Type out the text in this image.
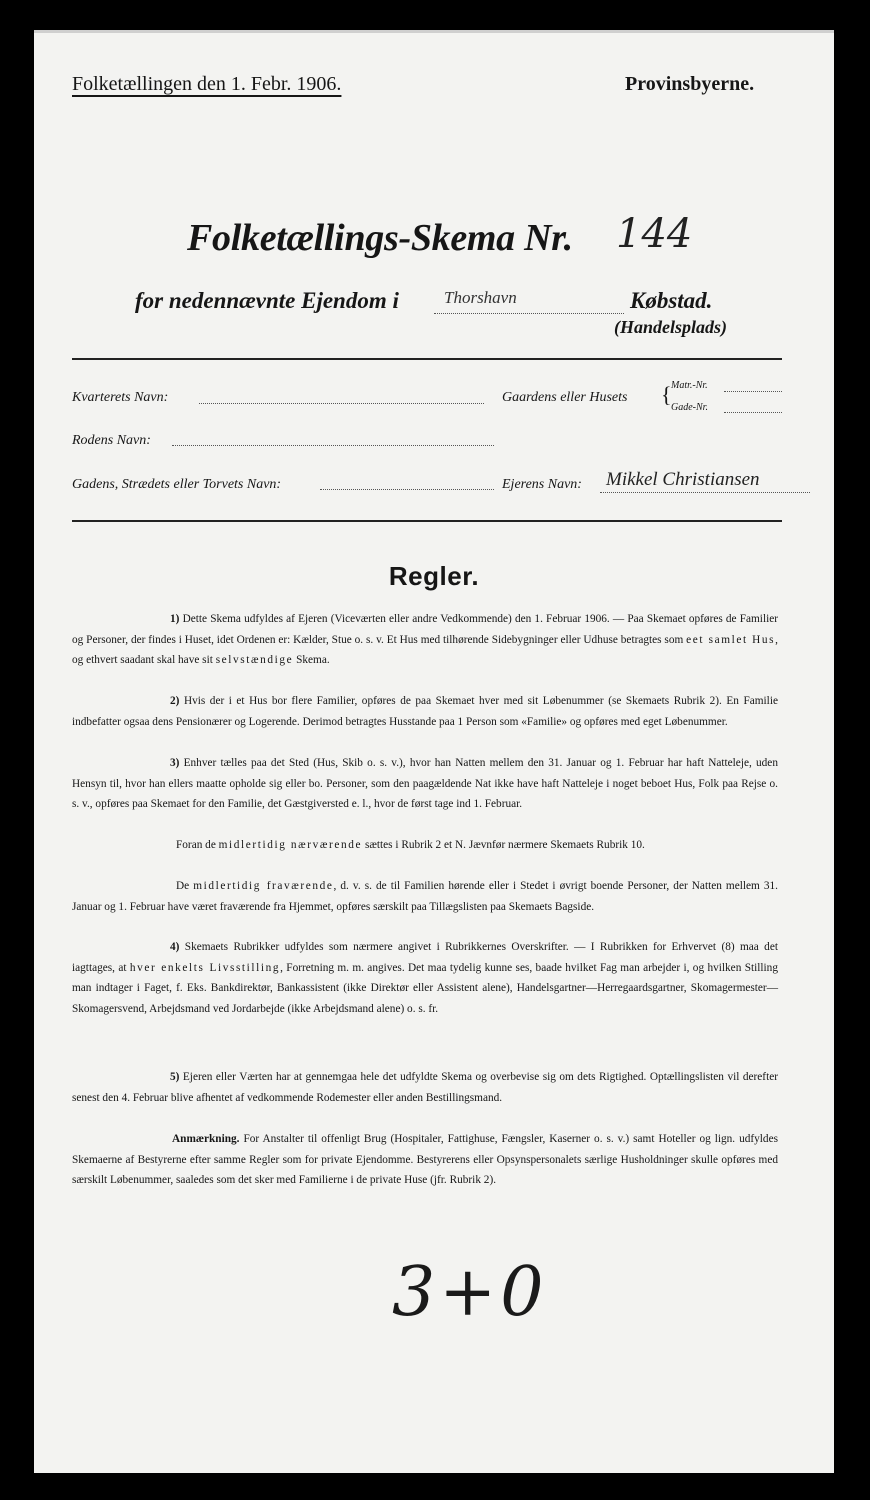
Folketællingen den 1. Febr. 1906.	Provinsbyerne.
Folketællings-Skema Nr. 144
for nedennævnte Ejendom i	Thorshavn	Købstad.
(Handelsplads)
Kvarterets Navn:	Gaardens eller Husets { Matr.-Nr.
Gade-Nr.
Rodens Navn:
Gadens, Strædets eller Torvets Navn:	Ejerens Navn: Mikkel Christiansen
Regler.
1) Dette Skema udfyldes af Ejeren (Viceværten eller andre Vedkommende) den 1. Februar 1906. — Paa Skemaet opføres de Familier og Personer, der findes i Huset, idet Ordenen er: Kælder, Stue o. s. v. Et Hus med tilhørende Sidebygninger eller Udhuse betragtes som eet samlet Hus, og ethvert saadant skal have sit selvstændige Skema.
2) Hvis der i et Hus bor flere Familier, opføres de paa Skemaet hver med sit Løbenummer (se Skemaets Rubrik 2). En Familie indbefatter ogsaa dens Pensionærer og Logerende. Derimod betragtes Husstande paa 1 Person som «Familie» og opføres med eget Løbenummer.
3) Enhver tælles paa det Sted (Hus, Skib o. s. v.), hvor han Natten mellem den 31. Januar og 1. Februar har haft Natteleje, uden Hensyn til, hvor han ellers maatte opholde sig eller bo. Personer, som den paagældende Nat ikke have haft Natteleje i noget beboet Hus, Folk paa Rejse o. s. v., opføres paa Skemaet for den Familie, det Gæstgiversted e. l., hvor de først tage ind 1. Februar.
Foran de midlertidig nærværende sættes i Rubrik 2 et N. Jævnfør nærmere Skemaets Rubrik 10.
De midlertidig fraværende, d. v. s. de til Familien hørende eller i Stedet i øvrigt boende Personer, der Natten mellem 31. Januar og 1. Februar have været fraværende fra Hjemmet, opføres særskilt paa Tillægslisten paa Skemaets Bagside.
4) Skemaets Rubrikker udfyldes som nærmere angivet i Rubrikkernes Overskrifter. — I Rubrikken for Erhvervet (8) maa det iagttages, at hver enkelts Livsstilling, Forretning m. m. angives. Det maa tydelig kunne ses, baade hvilket Fag man arbejder i, og hvilken Stilling man indtager i Faget, f. Eks. Bankdirektør, Bankassistent (ikke Direktør eller Assistent alene), Handelsgartner—Herregaardsgartner, Skomagermester—Skomagersvend, Arbejdsmand ved Jordarbejde (ikke Arbejdsmand alene) o. s. fr.
5) Ejeren eller Værten har at gennemgaa hele det udfyldte Skema og overbevise sig om dets Rigtighed. Optællingslisten vil derefter senest den 4. Februar blive afhentet af vedkommende Rodemester eller anden Bestillingsmand.
Anmærkning. For Anstalter til offenligt Brug (Hospitaler, Fattighuse, Fængsler, Kaserner o. s. v.) samt Hoteller og lign. udfyldes Skemaerne af Bestyrerne efter samme Regler som for private Ejendomme. Bestyrerens eller Opsynspersonalets særlige Husholdninger skulle opføres med særskilt Løbenummer, saaledes som det sker med Familierne i de private Huse (jfr. Rubrik 2).
3+0
